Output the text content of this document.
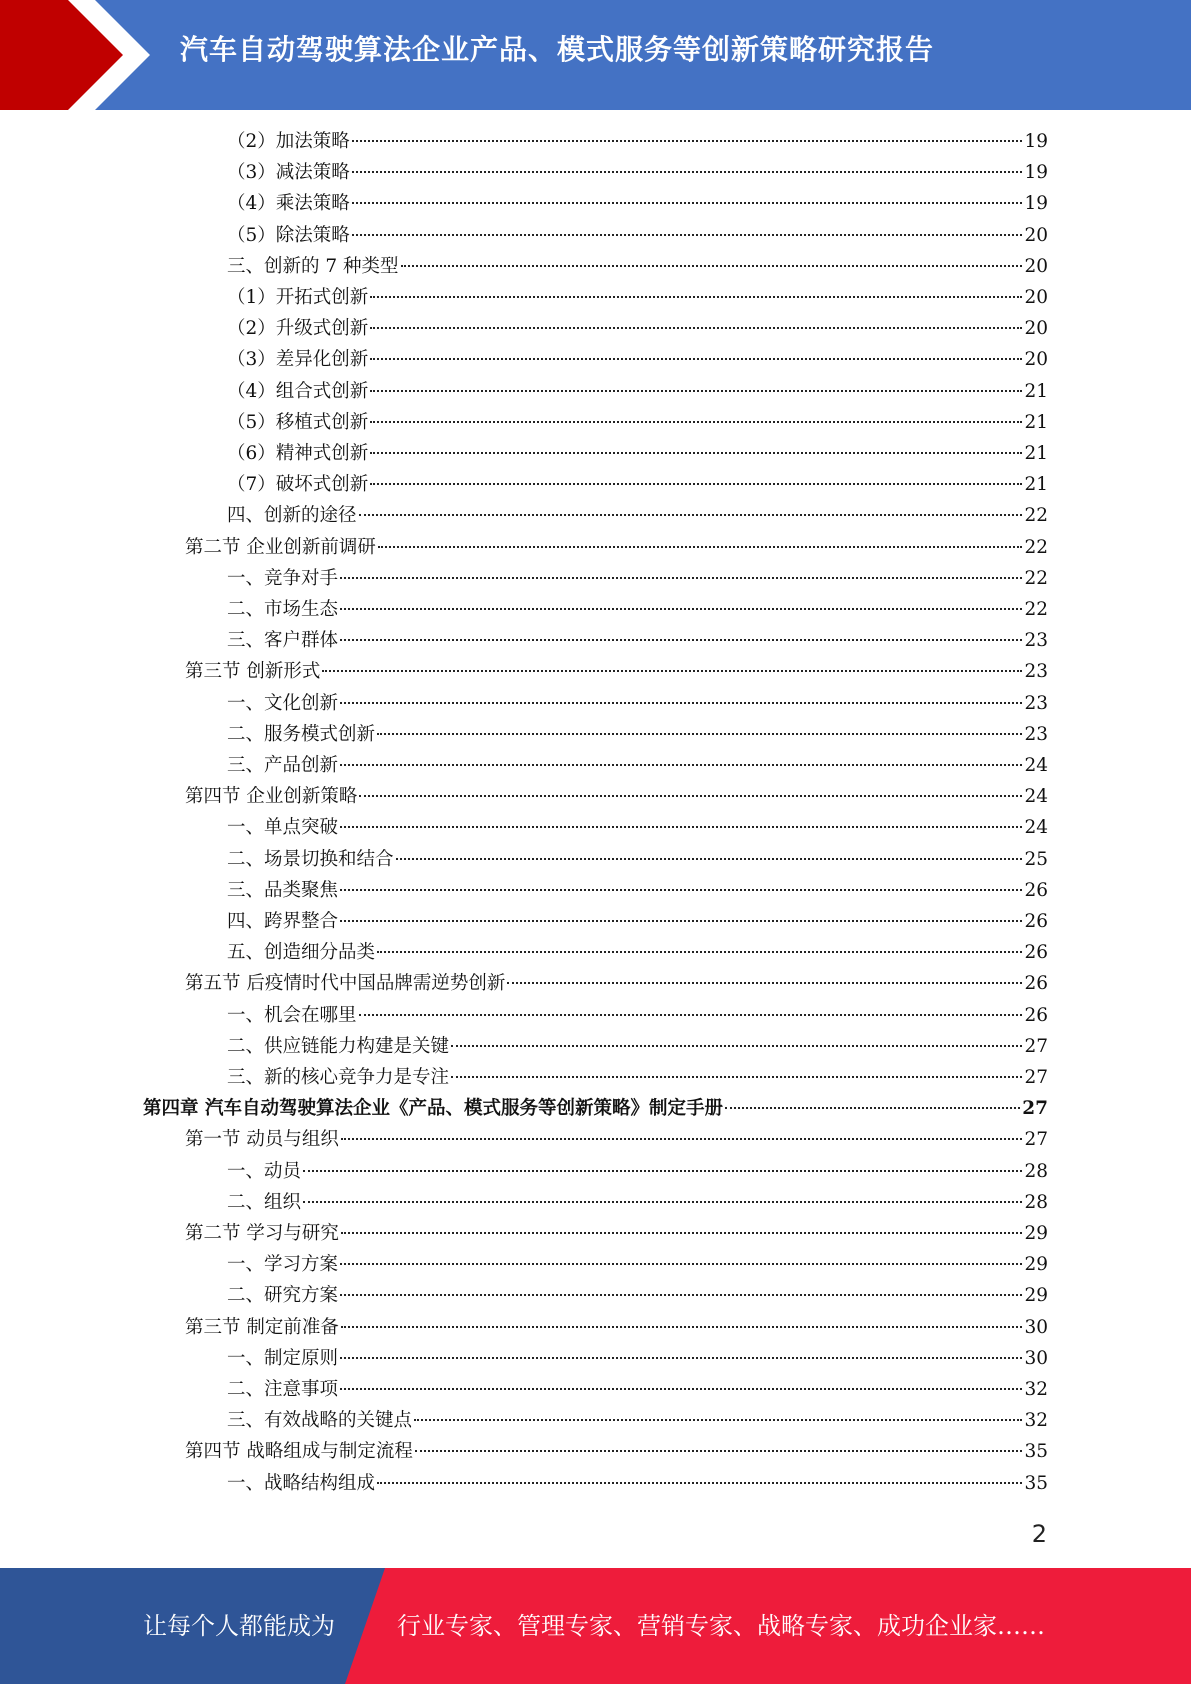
汽车自动驾驶算法企业产品、模式服务等创新策略研究报告
（2）加法策略	19
（3）减法策略	19
（4）乘法策略	19
（5）除法策略	20
三、创新的 7 种类型	20
（1）开拓式创新	20
（2）升级式创新	20
（3）差异化创新	20
（4）组合式创新	21
（5）移植式创新	21
（6）精神式创新	21
（7）破坏式创新	21
四、创新的途径	22
第二节 企业创新前调研	22
一、竞争对手	22
二、市场生态	22
三、客户群体	23
第三节 创新形式	23
一、文化创新	23
二、服务模式创新	23
三、产品创新	24
第四节 企业创新策略	24
一、单点突破	24
二、场景切换和结合	25
三、品类聚焦	26
四、跨界整合	26
五、创造细分品类	26
第五节 后疫情时代中国品牌需逆势创新	26
一、机会在哪里	26
二、供应链能力构建是关键	27
三、新的核心竞争力是专注	27
第四章 汽车自动驾驶算法企业《产品、模式服务等创新策略》制定手册	27
第一节 动员与组织	27
一、动员	28
二、组织	28
第二节 学习与研究	29
一、学习方案	29
二、研究方案	29
第三节 制定前准备	30
一、制定原则	30
二、注意事项	32
三、有效战略的关键点	32
第四节 战略组成与制定流程	35
一、战略结构组成	35
2
让每个人都能成为	行业专家、管理专家、营销专家、战略专家、成功企业家……
